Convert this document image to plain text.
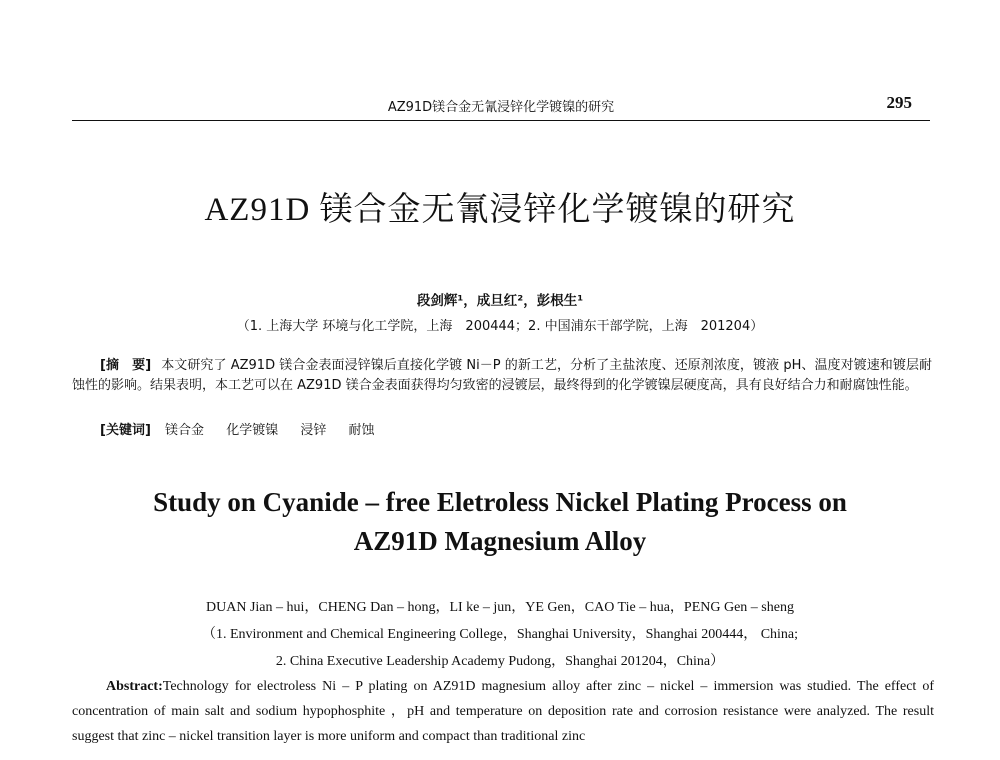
AZ91D镁合金无氰浸锌化学镀镍的研究	295
AZ91D 镁合金无氰浸锌化学镀镍的研究
段剑辉¹，成旦红²，彭根生¹
（1. 上海大学 环境与化工学院，上海　200444；2. 中国浦东干部学院，上海　201204）
[摘　要] 本文研究了 AZ91D 镁合金表面浸锌镍后直接化学镀 Ni－P 的新工艺，分析了主盐浓度、还原剂浓度，镀液 pH、温度对镀速和镀层耐蚀性的影响。结果表明，本工艺可以在 AZ91D 镁合金表面获得均匀致密的浸镀层，最终得到的化学镀镍层硬度高，具有良好结合力和耐腐蚀性能。
[关键词] 镁合金 化学镀镍 浸锌 耐蚀
Study on Cyanide – free Eletroless Nickel Plating Process on
AZ91D Magnesium Alloy
DUAN Jian – hui，CHENG Dan – hong，LI ke – jun，YE Gen，CAO Tie – hua，PENG Gen – sheng
（1. Environment and Chemical Engineering College，Shanghai University，Shanghai 200444， China;
2. China Executive Leadership Academy Pudong，Shanghai 201204，China）
Abstract:Technology for electroless Ni – P plating on AZ91D magnesium alloy after zinc – nickel – immersion was studied. The effect of concentration of main salt and sodium hypophosphite ，pH and temperature on deposition rate and corrosion resistance were analyzed. The result suggest that zinc – nickel transition layer is more uniform and compact than traditional zinc
